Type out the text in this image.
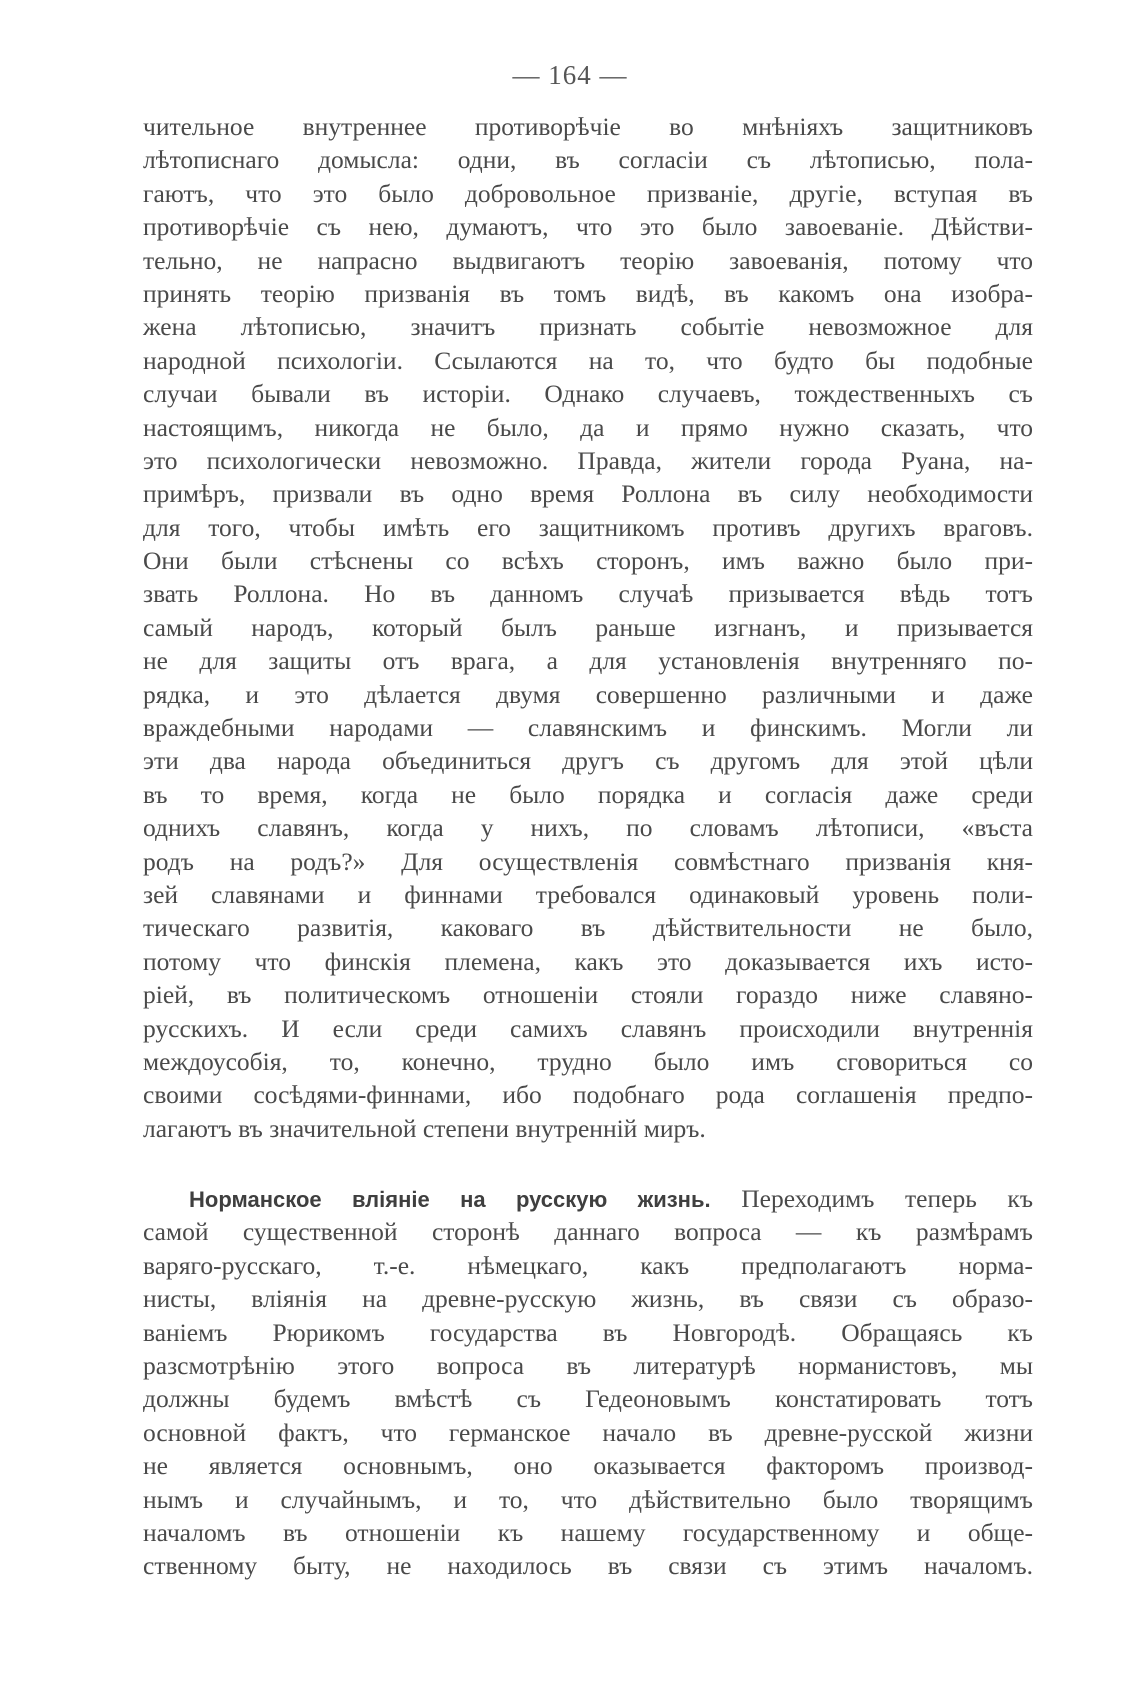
— 164 —
чительное внутреннее противорѣчіе во мнѣніяхъ защитниковъ
лѣтописнаго домысла: одни, въ согласіи съ лѣтописью, пола-
гаютъ, что это было добровольное призваніе, другіе, вступая въ
противорѣчіе съ нею, думаютъ, что это было завоеваніе. Дѣйстви-
тельно, не напрасно выдвигаютъ теорію завоеванія, потому что
принять теорію призванія въ томъ видѣ, въ какомъ она изобра-
жена лѣтописью, значитъ признать событіе невозможное для
народной психологіи. Ссылаются на то, что будто бы подобные
случаи бывали въ исторіи. Однако случаевъ, тождественныхъ съ
настоящимъ, никогда не было, да и прямо нужно сказать, что
это психологически невозможно. Правда, жители города Руана, на-
примѣръ, призвали въ одно время Роллона въ силу необходимости
для того, чтобы имѣть его защитникомъ противъ другихъ враговъ.
Они были стѣснены со всѣхъ сторонъ, имъ важно было при-
звать Роллона. Но въ данномъ случаѣ призывается вѣдь тотъ
самый народъ, который былъ раньше изгнанъ, и призывается
не для защиты отъ врага, а для установленія внутренняго по-
рядка, и это дѣлается двумя совершенно различными и даже
враждебными народами — славянскимъ и финскимъ. Могли ли
эти два народа объединиться другъ съ другомъ для этой цѣли
въ то время, когда не было порядка и согласія даже среди
однихъ славянъ, когда у нихъ, по словамъ лѣтописи, «въста
родъ на родъ?» Для осуществленія совмѣстнаго призванія кня-
зей славянами и финнами требовался одинаковый уровень поли-
тическаго развитія, каковаго въ дѣйствительности не было,
потому что финскія племена, какъ это доказывается ихъ исто-
ріей, въ политическомъ отношеніи стояли гораздо ниже славяно-
русскихъ. И если среди самихъ славянъ происходили внутреннія
междоусобія, то, конечно, трудно было имъ сговориться со
своими сосѣдями-финнами, ибо подобнаго рода соглашенія предпо-
лагаютъ въ значительной степени внутренній миръ.
Норманское вліяніе на русскую жизнь. Переходимъ теперь къ
самой существенной сторонѣ даннаго вопроса — къ размѣрамъ
варяго-русскаго, т.-е. нѣмецкаго, какъ предполагаютъ норма-
нисты, вліянія на древне-русскую жизнь, въ связи съ образо-
ваніемъ Рюрикомъ государства въ Новгородѣ. Обращаясь къ
разсмотрѣнію этого вопроса въ литературѣ норманистовъ, мы
должны будемъ вмѣстѣ съ Гедеоновымъ констатировать тотъ
основной фактъ, что германское начало въ древне-русской жизни
не является основнымъ, оно оказывается факторомъ производ-
нымъ и случайнымъ, и то, что дѣйствительно было творящимъ
началомъ въ отношеніи къ нашему государственному и обще-
ственному быту, не находилось въ связи съ этимъ началомъ.
